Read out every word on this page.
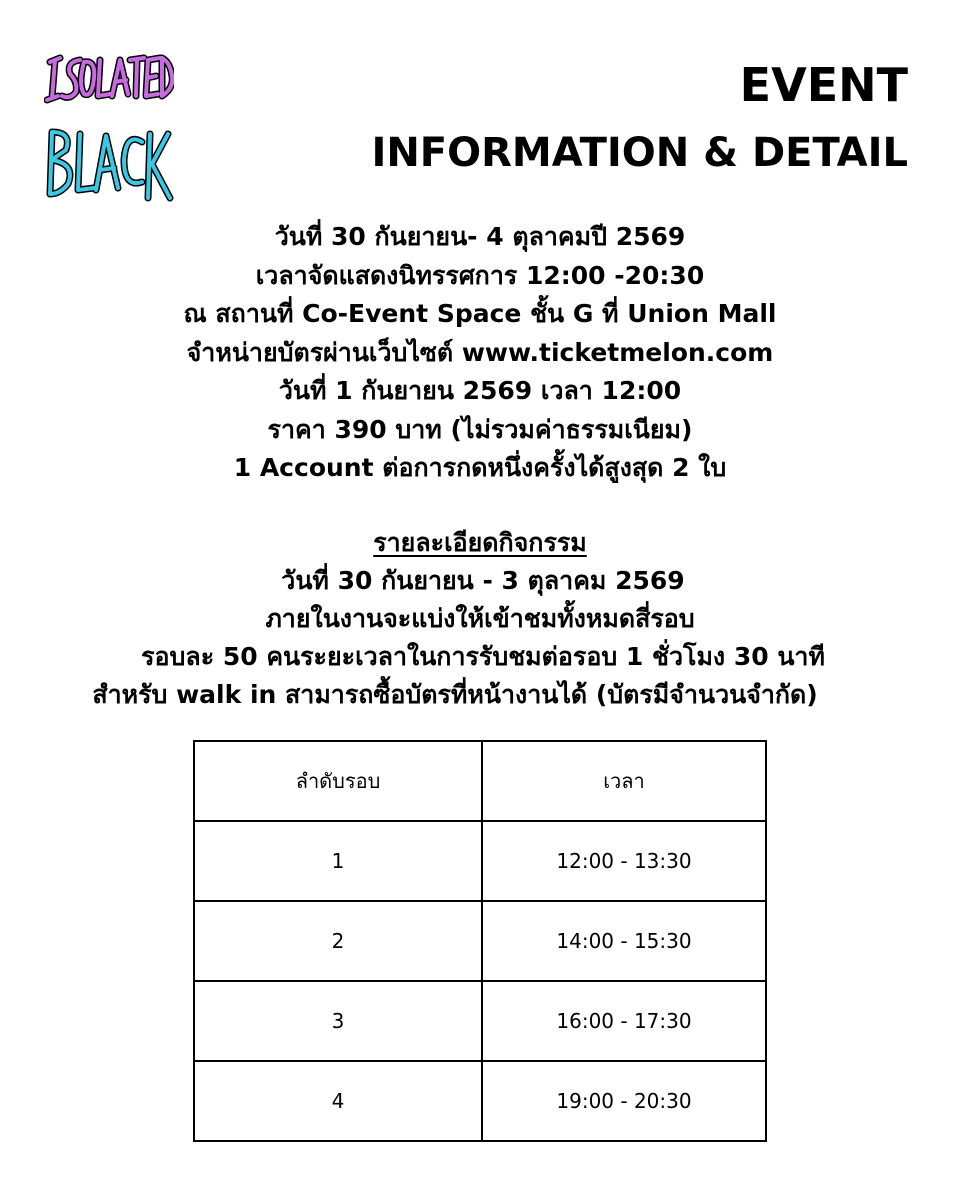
EVENT
INFORMATION & DETAIL
วันที่ 30 กันยายน- 4 ตุลาคมปี 2569
เวลาจัดแสดงนิทรรศการ 12:00 -20:30
ณ สถานที่ Co-Event Space ชั้น G ที่ Union Mall
จำหน่ายบัตรผ่านเว็บไซต์ www.ticketmelon.com
วันที่ 1 กันยายน 2569 เวลา 12:00
ราคา 390 บาท (ไม่รวมค่าธรรมเนียม)
1 Account ต่อการกดหนึ่งครั้งได้สูงสุด 2 ใบ
รายละเอียดกิจกรรม
วันที่ 30 กันยายน - 3 ตุลาคม 2569
ภายในงานจะแบ่งให้เข้าชมทั้งหมดสี่รอบ
รอบละ 50 คนระยะเวลาในการรับชมต่อรอบ 1 ชั่วโมง 30 นาที
สำหรับ walk in สามารถซื้อบัตรที่หน้างานได้ (บัตรมีจำนวนจำกัด)
ลำดับรอบ	เวลา
1	12:00 - 13:30
2	14:00 - 15:30
3	16:00 - 17:30
4	19:00 - 20:30
